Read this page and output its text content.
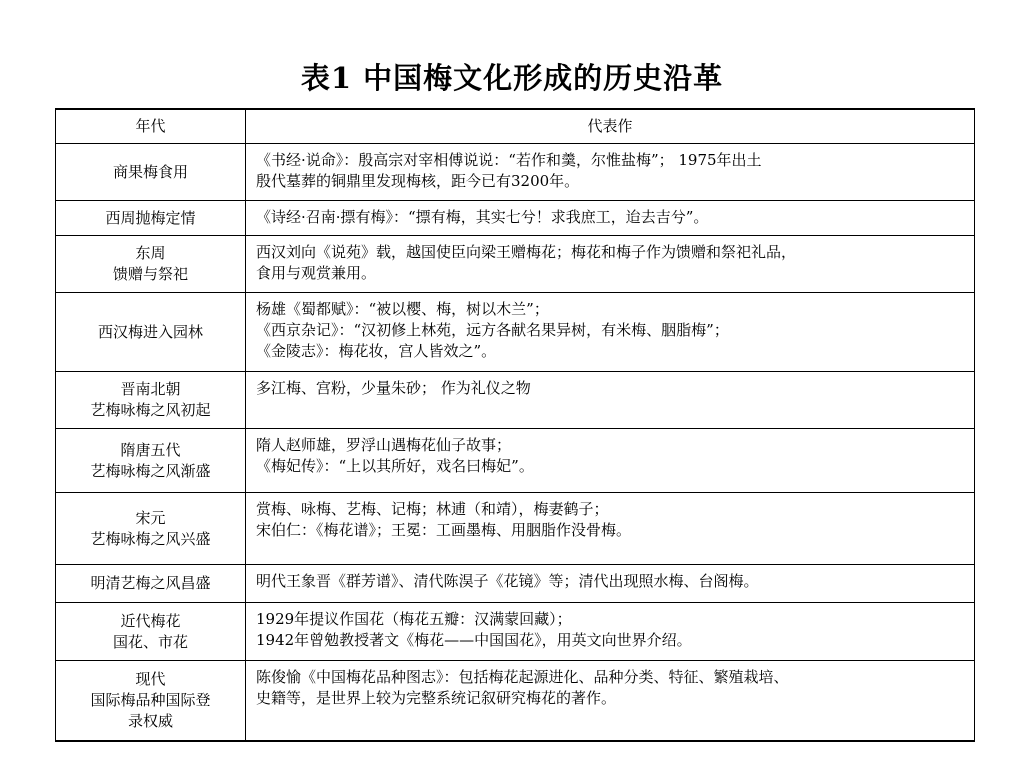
表1 中国梅文化形成的历史沿革
年代	代表作

商果梅食用	《书经·说命》：殷高宗对宰相傅说说：“若作和羹，尔惟盐梅”； 1975年出土
殷代墓葬的铜鼎里发现梅核，距今已有3200年。

西周抛梅定情	《诗经·召南·摽有梅》：“摽有梅，其实七兮！求我庶工，迨去吉兮”。

东周
馈赠与祭祀	西汉刘向《说苑》载，越国使臣向梁王赠梅花；梅花和梅子作为馈赠和祭祀礼品，
食用与观赏兼用。

西汉梅进入园林	杨雄《蜀都赋》：“被以樱、梅，树以木兰”；
《西京杂记》：“汉初修上林苑，远方各献名果异树，有米梅、胭脂梅”；
《金陵志》：梅花妆，宫人皆效之”。

晋南北朝
艺梅咏梅之风初起	多江梅、宫粉，少量朱砂； 作为礼仪之物

隋唐五代
艺梅咏梅之风渐盛	隋人赵师雄，罗浮山遇梅花仙子故事；
《梅妃传》：“上以其所好，戏名曰梅妃”。

宋元
艺梅咏梅之风兴盛	赏梅、咏梅、艺梅、记梅；林逋（和靖），梅妻鹤子；
宋伯仁：《梅花谱》；王冕：工画墨梅、用胭脂作没骨梅。

明清艺梅之风昌盛	明代王象晋《群芳谱》、清代陈淏子《花镜》等；清代出现照水梅、台阁梅。

近代梅花
国花、市花	1929年提议作国花（梅花五瓣：汉满蒙回藏）；
1942年曾勉教授著文《梅花——中国国花》，用英文向世界介绍。

现代
国际梅品种国际登
录权威	陈俊愉《中国梅花品种图志》：包括梅花起源进化、品种分类、特征、繁殖栽培、
史籍等，是世界上较为完整系统记叙研究梅花的著作。
